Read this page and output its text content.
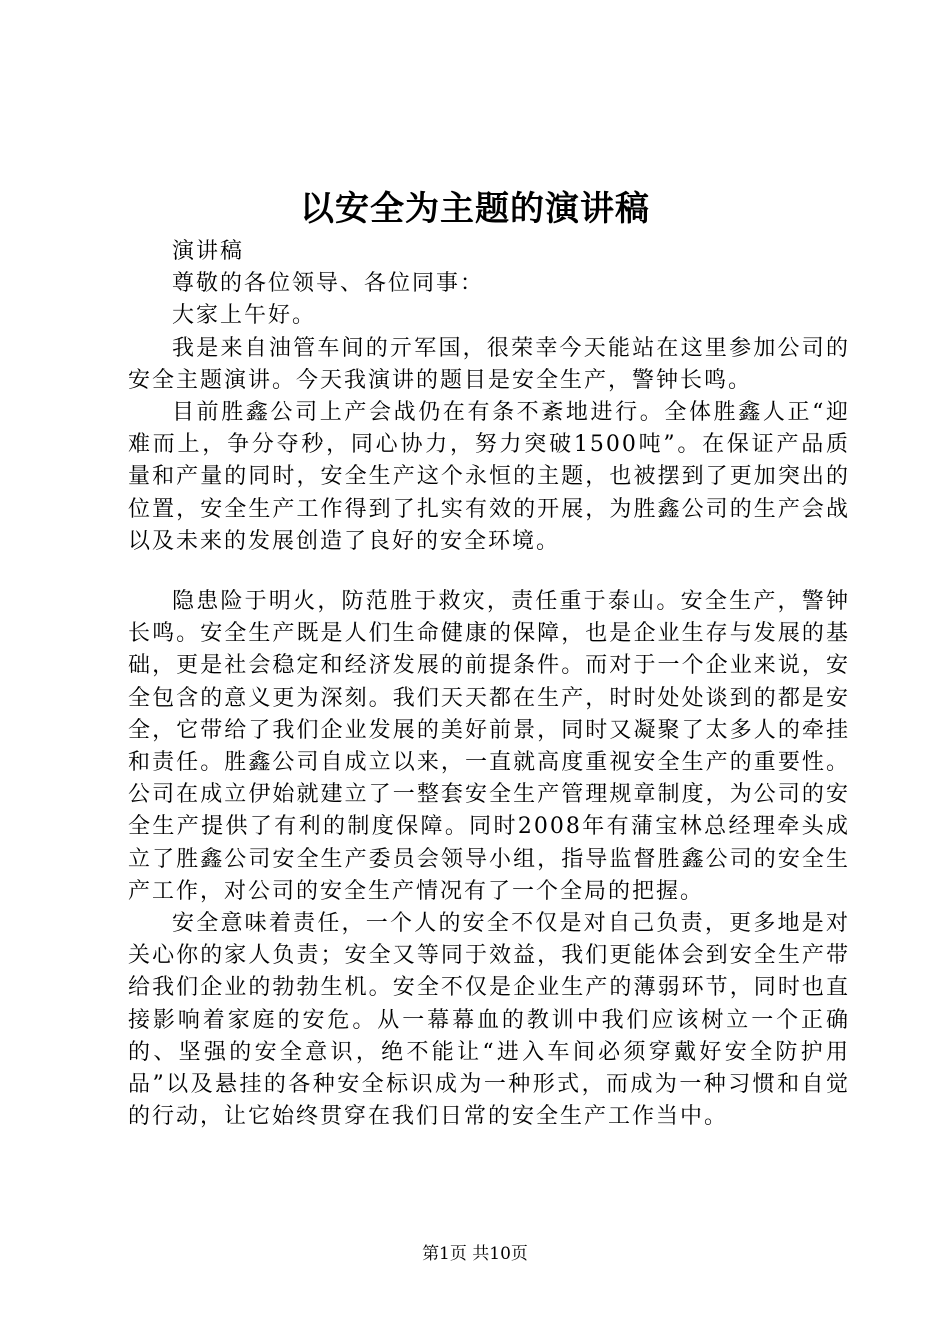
以安全为主题的演讲稿

演讲稿

尊敬的各位领导、各位同事：

大家上午好。

我是来自油管车间的亓军国，很荣幸今天能站在这里参加公司的安全主题演讲。今天我演讲的题目是安全生产，警钟长鸣。

目前胜鑫公司上产会战仍在有条不紊地进行。全体胜鑫人正“迎难而上，争分夺秒，同心协力，努力突破1500吨”。在保证产品质量和产量的同时，安全生产这个永恒的主题，也被摆到了更加突出的位置，安全生产工作得到了扎实有效的开展，为胜鑫公司的生产会战以及未来的发展创造了良好的安全环境。

隐患险于明火，防范胜于救灾，责任重于泰山。安全生产，警钟长鸣。安全生产既是人们生命健康的保障，也是企业生存与发展的基础，更是社会稳定和经济发展的前提条件。而对于一个企业来说，安全包含的意义更为深刻。我们天天都在生产，时时处处谈到的都是安全，它带给了我们企业发展的美好前景，同时又凝聚了太多人的牵挂和责任。胜鑫公司自成立以来，一直就高度重视安全生产的重要性。公司在成立伊始就建立了一整套安全生产管理规章制度，为公司的安全生产提供了有利的制度保障。同时2008年有蒲宝林总经理牵头成立了胜鑫公司安全生产委员会领导小组，指导监督胜鑫公司的安全生产工作，对公司的安全生产情况有了一个全局的把握。

安全意味着责任，一个人的安全不仅是对自己负责，更多地是对关心你的家人负责；安全又等同于效益，我们更能体会到安全生产带给我们企业的勃勃生机。安全不仅是企业生产的薄弱环节，同时也直接影响着家庭的安危。从一幕幕血的教训中我们应该树立一个正确的、坚强的安全意识，绝不能让“进入车间必须穿戴好安全防护用品”以及悬挂的各种安全标识成为一种形式，而成为一种习惯和自觉的行动，让它始终贯穿在我们日常的安全生产工作当中。

第1页 共10页
